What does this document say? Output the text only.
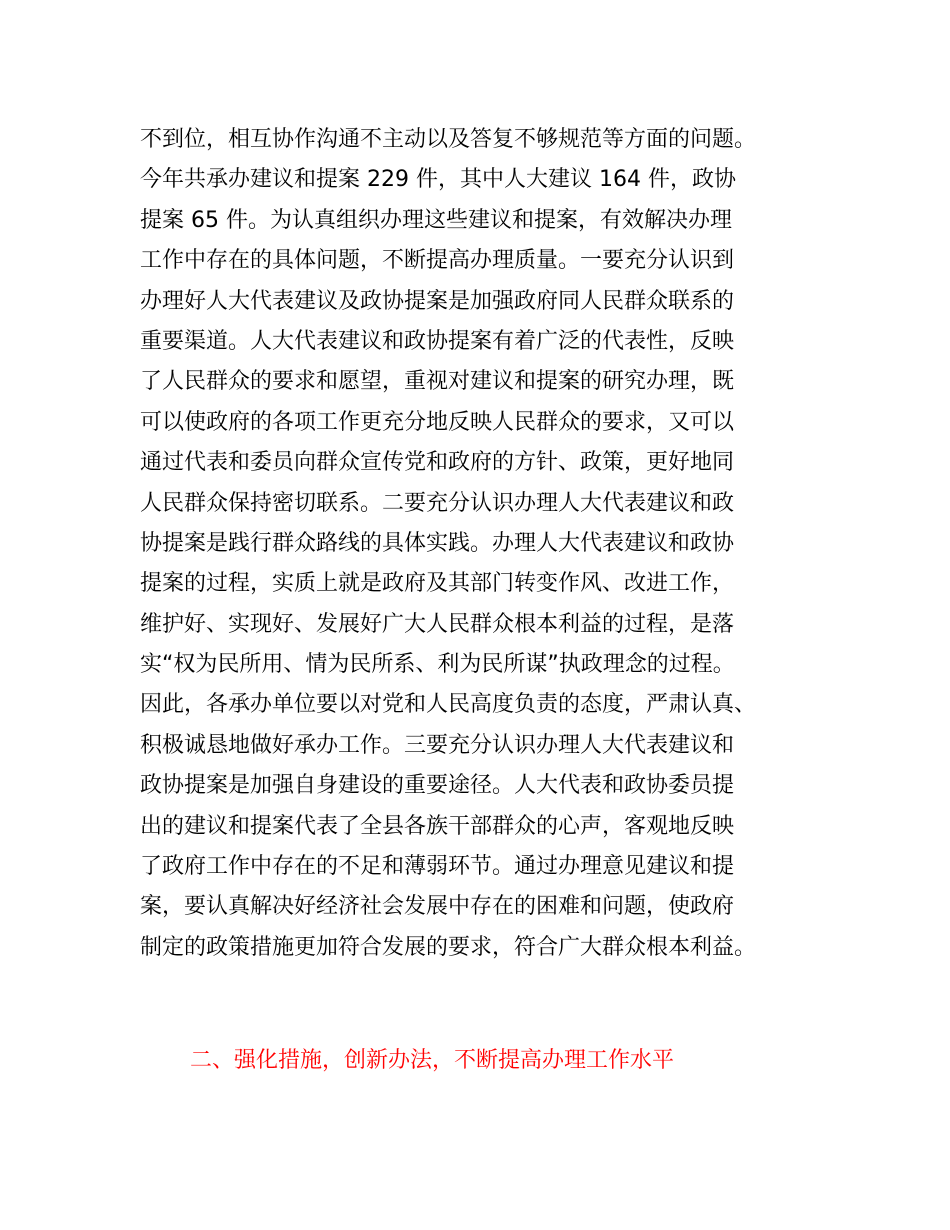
不到位，相互协作沟通不主动以及答复不够规范等方面的问题。
今年共承办建议和提案 229 件，其中人大建议 164 件，政协
提案 65 件。为认真组织办理这些建议和提案，有效解决办理
工作中存在的具体问题，不断提高办理质量。一要充分认识到
办理好人大代表建议及政协提案是加强政府同人民群众联系的
重要渠道。人大代表建议和政协提案有着广泛的代表性，反映
了人民群众的要求和愿望，重视对建议和提案的研究办理，既
可以使政府的各项工作更充分地反映人民群众的要求，又可以
通过代表和委员向群众宣传党和政府的方针、政策，更好地同
人民群众保持密切联系。二要充分认识办理人大代表建议和政
协提案是践行群众路线的具体实践。办理人大代表建议和政协
提案的过程，实质上就是政府及其部门转变作风、改进工作，
维护好、实现好、发展好广大人民群众根本利益的过程，是落
实“权为民所用、情为民所系、利为民所谋”执政理念的过程。
因此，各承办单位要以对党和人民高度负责的态度，严肃认真、
积极诚恳地做好承办工作。三要充分认识办理人大代表建议和
政协提案是加强自身建设的重要途径。人大代表和政协委员提
出的建议和提案代表了全县各族干部群众的心声，客观地反映
了政府工作中存在的不足和薄弱环节。通过办理意见建议和提
案，要认真解决好经济社会发展中存在的困难和问题，使政府
制定的政策措施更加符合发展的要求，符合广大群众根本利益。
二、强化措施，创新办法，不断提高办理工作水平
